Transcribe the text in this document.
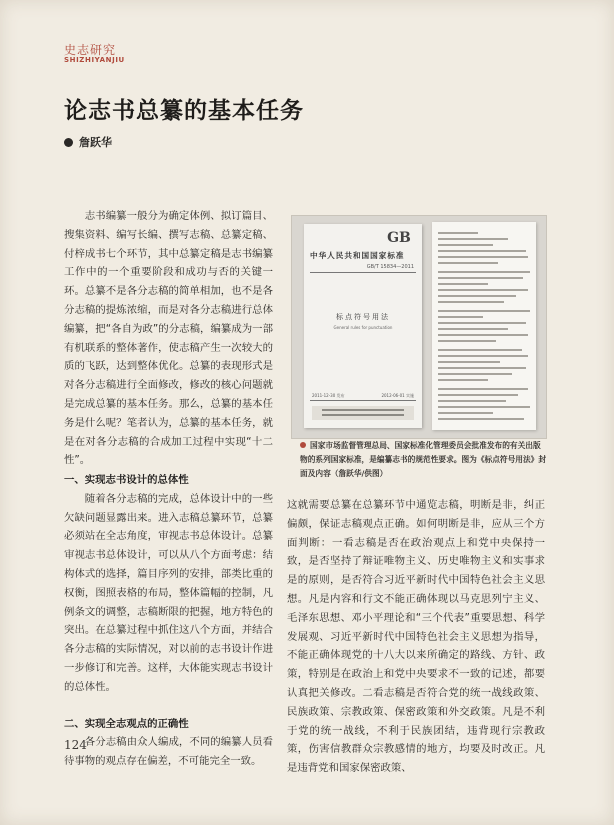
史志研究
SHIZHIYANJIU
论志书总纂的基本任务
詹跃华

志书编纂一般分为确定体例、拟订篇目、搜集资料、编写长编、撰写志稿、总纂定稿、付梓成书七个环节，其中总纂定稿是志书编纂工作中的一个重要阶段和成功与否的关键一环。总纂不是各分志稿的简单相加，也不是各分志稿的提炼浓缩，而是对各分志稿进行总体编纂，把“各自为政”的分志稿，编纂成为一部有机联系的整体著作，使志稿产生一次较大的质的飞跃，达到整体优化。总纂的表现形式是对各分志稿进行全面修改，修改的核心问题就是完成总纂的基本任务。那么，总纂的基本任务是什么呢？笔者认为，总纂的基本任务，就是在对各分志稿的合成加工过程中实现“十二性”。

一、实现志书设计的总体性

随着各分志稿的完成，总体设计中的一些欠缺问题显露出来。进入志稿总纂环节，总纂必须站在全志角度，审视志书总体设计。总纂审视志书总体设计，可以从八个方面考虑：结构体式的选择，篇目序列的安排，部类比重的权衡，图照表格的布局，整体篇幅的控制，凡例条文的调整，志稿断限的把握，地方特色的突出。在总纂过程中抓住这八个方面，并结合各分志稿的实际情况，对以前的志书设计作进一步修订和完善。这样，大体能实现志书设计的总体性。

二、实现全志观点的正确性

各分志稿由众人编成，不同的编纂人员看待事物的观点存在偏差，不可能完全一致。

GB
中华人民共和国国家标准
GB/T 15834—2011
标点符号用法
General rules for punctuation
2011-12-30 发布	2012-06-01 实施
国家市场监督管理总局、国家标准化管理委员会批准发布的有关出版物的系列国家标准，是编纂志书的规范性要求。图为《标点符号用法》封面及内容（詹跃华/供图）

这就需要总纂在总纂环节中通览志稿，明断是非，纠正偏颇，保证志稿观点正确。如何明断是非，应从三个方面判断：一看志稿是否在政治观点上和党中央保持一致，是否坚持了辩证唯物主义、历史唯物主义和实事求是的原则，是否符合习近平新时代中国特色社会主义思想。凡是内容和行文不能正确体现以马克思列宁主义、毛泽东思想、邓小平理论和“三个代表”重要思想、科学发展观、习近平新时代中国特色社会主义思想为指导，不能正确体现党的十八大以来所确定的路线、方针、政策，特别是在政治上和党中央要求不一致的记述，都要认真把关修改。二看志稿是否符合党的统一战线政策、民族政策、宗教政策、保密政策和外交政策。凡是不利于党的统一战线，不利于民族团结，违背现行宗教政策，伤害信教群众宗教感情的地方，均要及时改正。凡是违背党和国家保密政策、

124
